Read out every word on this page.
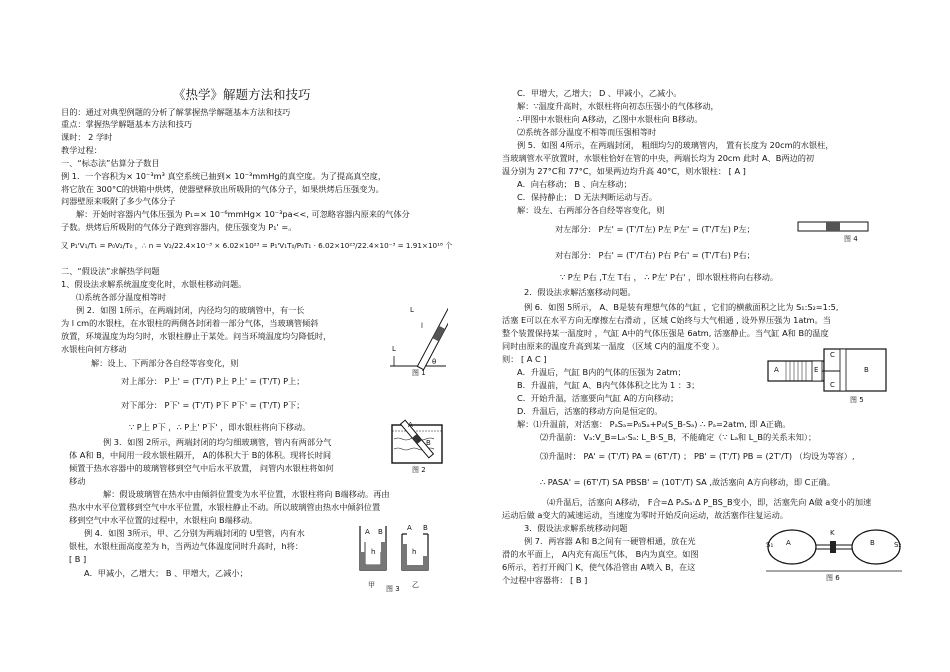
《热学》解题方法和技巧
目的：通过对典型例题的分析了解掌握热学解题基本方法和技巧
重点：掌握热学解题基本方法和技巧
课时： 2 学时
教学过程：
一、“标态法”估算分子数目
例 1．一个容积为× 10⁻³m³ 真空系统已抽到× 10⁻³mmHg的真空度。为了提高真空度，
将它放在 300°C的烘箱中烘烤，使器壁释放出所吸附的气体分子，如果烘烤后压强变为。
问器壁原来吸附了多少气体分子
解：开始时容器内气体压强为 P₁=× 10⁻⁶mmHg× 10⁻³pa<<, 可忽略容器内原来的气体分
子数。烘烤后所吸附的气体分子跑到容器内，使压强变为 P₁' =。
又 P₁'V₁/T₁ = P₀V₂/T₀ ，∴ n = V₂/22.4×10⁻³ × 6.02×10²³ = P₁'V₁T₀/P₀T₁ · 6.02×10²³/22.4×10⁻³ = 1.91×10¹⁸ 个
二、“假设法”求解热学问题
1、假设法求解系统温度变化时，水银柱移动问题。
⑴系统各部分温度相等时
例 2．如图 1所示，在两端封闭，内径均匀的玻璃管中，有一长
为 l cm的水银柱，在水银柱的两侧各封闭着一部分气体，当玻璃管倾斜
放置，环境温度为均匀时，水银柱静止于某处。问当环境温度均匀降低时，
水银柱向何方移动
解：设上、下两部分各自经等容变化，则
对上部分： P上' = (T'/T) P上 P上' = (T'/T) P上；
对下部分： P下' = (T'/T) P下 P下' = (T'/T) P下；
∵ P上 P下 ，∴ P上' P下' ，即水银柱将向下移动。
例 3．如图 2所示，两端封闭的均匀细玻璃管，管内有两部分气
体 A和 B，中间用一段水银柱隔开， A的体积大于 B的体积。现将长时间
倾置于热水容器中的玻璃管移到空气中后水平放置， 问管内水银柱将如何
移动
解：假设玻璃管在热水中由倾斜位置变为水平位置，水银柱将向 B端移动。再由
热水中水平位置移到空气中水平位置，水银柱静止不动。所以玻璃管由热水中倾斜位置
移到空气中水平位置的过程中，水银柱向 B端移动。
例 4．如图 3所示，甲、乙分别为两端封闭的 U型管，内有水
银柱，水银柱面高度差为 h，当两边气体温度同时升高时，h将：
[ B ]
A．甲减小，乙增大； B 、甲增大，乙减小；
C．甲增大，乙增大； D 、甲减小，乙减小。
解：∵温度升高时，水银柱将向初态压强小的气体移动，
∴甲图中水银柱向 A移动，乙图中水银柱向 B移动。
⑵系统各部分温度不相等而压强相等时
例 5．如图 4所示，在两端封闭， 粗细均匀的玻璃管内， 置有长度为 20cm的水银柱，
当玻璃管水平放置时，水银柱恰好在管的中央，两端长均为 20cm 此时 A、B两边的初
温分别为 27°C和 77°C，如果两边均升高 40°C，则水银柱： [ A ]
A．向右移动； B 、向左移动；
C．保持静止； D 无法判断运动与否。
解：设左、右两部分各自经等容变化，则
对左部分： P左' = (T'/T左) P左 P左' = (T'/T左) P左；
对右部分： P右' = (T'/T右) P右 P右' = (T'/T右) P右；
∵ P左 P右 ,T左 T右 ， ∴ P左' P右' ，即水银柱将向右移动。
2．假设法求解活塞移动问题。
例 6．如图 5所示， A、B是装有理想气体的气缸 ，它们的横截面积之比为 S₁:S₂=1:5,
活塞 E可以在水平方向无摩擦左右滑动 ，区域 C始终与大气相通 , 设外界压强为 1atm。当
整个装置保持某一温度时 ，气缸 A中的气体压强是 6atm, 活塞静止。当气缸 A和 B的温度
同时由原来的温度升高到某一温度 （区域 C内的温度不变 ）。
则： [ A C ]
A．升温后，气缸 B内的气体的压强为 2atm；
B．升温前，气缸 A、B内气体体积之比为 1 ：3；
C．开始升温，活塞要向气缸 A的方向移动；
D．升温后，活塞的移动方向是恒定的。
解：⑴升温前，对活塞： PₐSₐ=P₀Sₐ+P₀(S_B-Sₐ) ∴ Pₐ=2atm, 即 A正确。
⑵升温前： Vₐ:V_B=Lₐ·Sₐ: L_B·S_B，不能确定（∵ Lₐ和 L_B的关系未知）；
⑶升温时： PA' = (T'/T) PA = (6T'/T) ； PB' = (T'/T) PB = (2T'/T) （均设为等容）,
∴ PASA' = (6T'/T) SA PBSB' = (10T'/T) SA ,故活塞向 A方向移动，即 C正确。
⑷升温后，活塞向 A移动， F合=Δ PₐSₐ·Δ P_BS_B变小，即，活塞先向 A做 a变小的加速
运动后做 a变大的减速运动，当速度为零时开始反向运动，故活塞作往复运动。
3．假设法求解系统移动问题
例 7．两容器 A和 B之间有一硬管相通，放在光
滑的水平面上， A内充有高压气体， B内为真空。如图
6所示，若打开阀门 K，使气体沿管由 A喷入 B，在这
个过程中容器将： [ B ]
L
l
L
θ
图 1
A
B
图 2
A B
h
A
h
B
甲	乙
图 3
图 4
A	E
C
C
B
图 5
A
K
B
S₁	S₂
图 6
